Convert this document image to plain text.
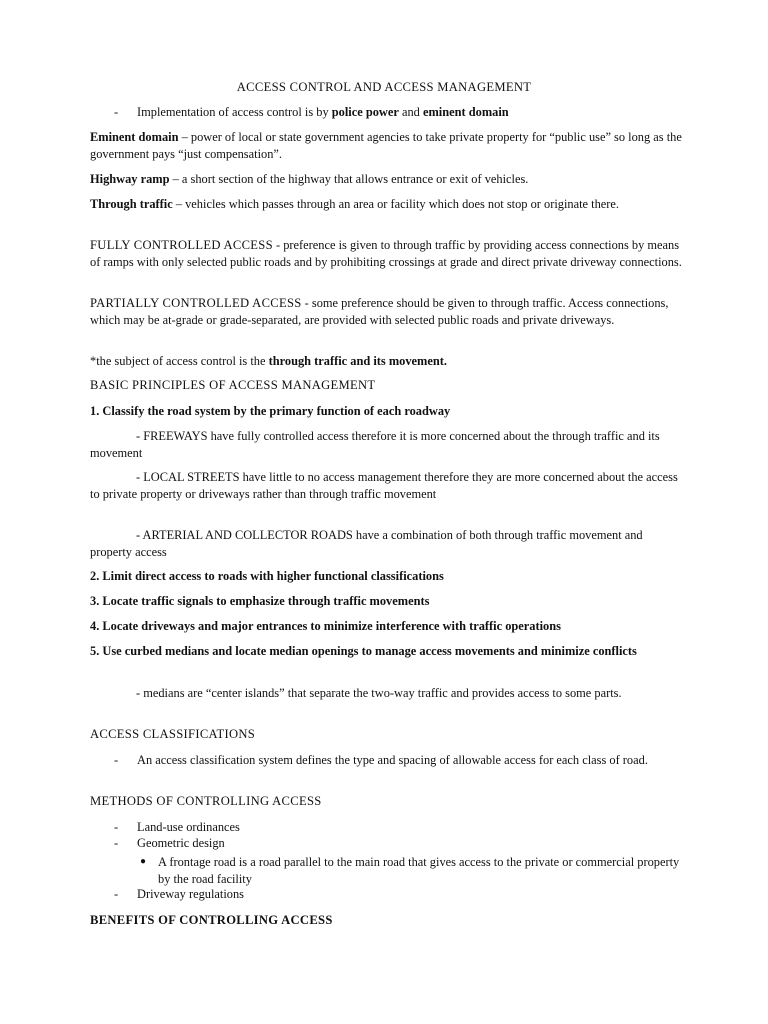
ACCESS CONTROL AND ACCESS MANAGEMENT

- Implementation of access control is by police power and eminent domain

Eminent domain – power of local or state government agencies to take private property for “public use” so long as the government pays “just compensation”.

Highway ramp – a short section of the highway that allows entrance or exit of vehicles.

Through traffic – vehicles which passes through an area or facility which does not stop or originate there.

FULLY CONTROLLED ACCESS - preference is given to through traffic by providing access connections by means of ramps with only selected public roads and by prohibiting crossings at grade and direct private driveway connections.

PARTIALLY CONTROLLED ACCESS - some preference should be given to through traffic. Access connections, which may be at-grade or grade-separated, are provided with selected public roads and private driveways.

*the subject of access control is the through traffic and its movement.

BASIC PRINCIPLES OF ACCESS MANAGEMENT

1. Classify the road system by the primary function of each roadway

- FREEWAYS have fully controlled access therefore it is more concerned about the through traffic and its movement

- LOCAL STREETS have little to no access management therefore they are more concerned about the access to private property or driveways rather than through traffic movement

- ARTERIAL AND COLLECTOR ROADS have a combination of both through traffic movement and property access

2. Limit direct access to roads with higher functional classifications

3. Locate traffic signals to emphasize through traffic movements

4. Locate driveways and major entrances to minimize interference with traffic operations

5. Use curbed medians and locate median openings to manage access movements and minimize conflicts

- medians are “center islands” that separate the two-way traffic and provides access to some parts.

ACCESS CLASSIFICATIONS

- An access classification system defines the type and spacing of allowable access for each class of road.

METHODS OF CONTROLLING ACCESS

- Land-use ordinances

- Geometric design

● A frontage road is a road parallel to the main road that gives access to the private or commercial property by the road facility

- Driveway regulations

BENEFITS OF CONTROLLING ACCESS
